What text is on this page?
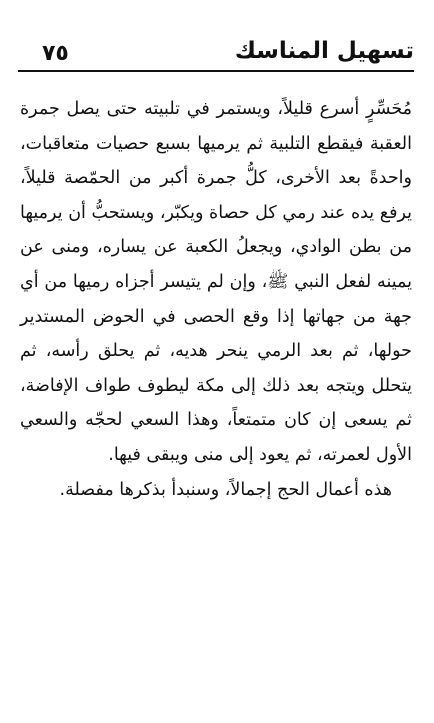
٧٥	تسهيل المناسك

مُحَسِّرٍ أسرع قليلاً، ويستمر في تلبيته حتى يصل جمرة العقبة فيقطع التلبية ثم يرميها بسبع حصيات متعاقبات، واحدةً بعد الأخرى، كلُّ جمرة أكبر من الحمّصة قليلاً، يرفع يده عند رمي كل حصاة ويكبّر، ويستحبُّ أن يرميها من بطن الوادي، ويجعلُ الكعبة عن يساره، ومنى عن يمينه لفعل النبي ﷺ، وإن لم يتيسر أجزاه رميها من أي جهة من جهاتها إذا وقع الحصى في الحوض المستدير حولها، ثم بعد الرمي ينحر هديه، ثم يحلق رأسه، ثم يتحلل ويتجه بعد ذلك إلى مكة ليطوف طواف الإفاضة، ثم يسعى إن كان متمتعاً، وهذا السعي لحجّه والسعي الأول لعمرته، ثم يعود إلى منى ويبقى فيها.

هذه أعمال الحج إجمالاً، وسنبدأ بذكرها مفصلة.
